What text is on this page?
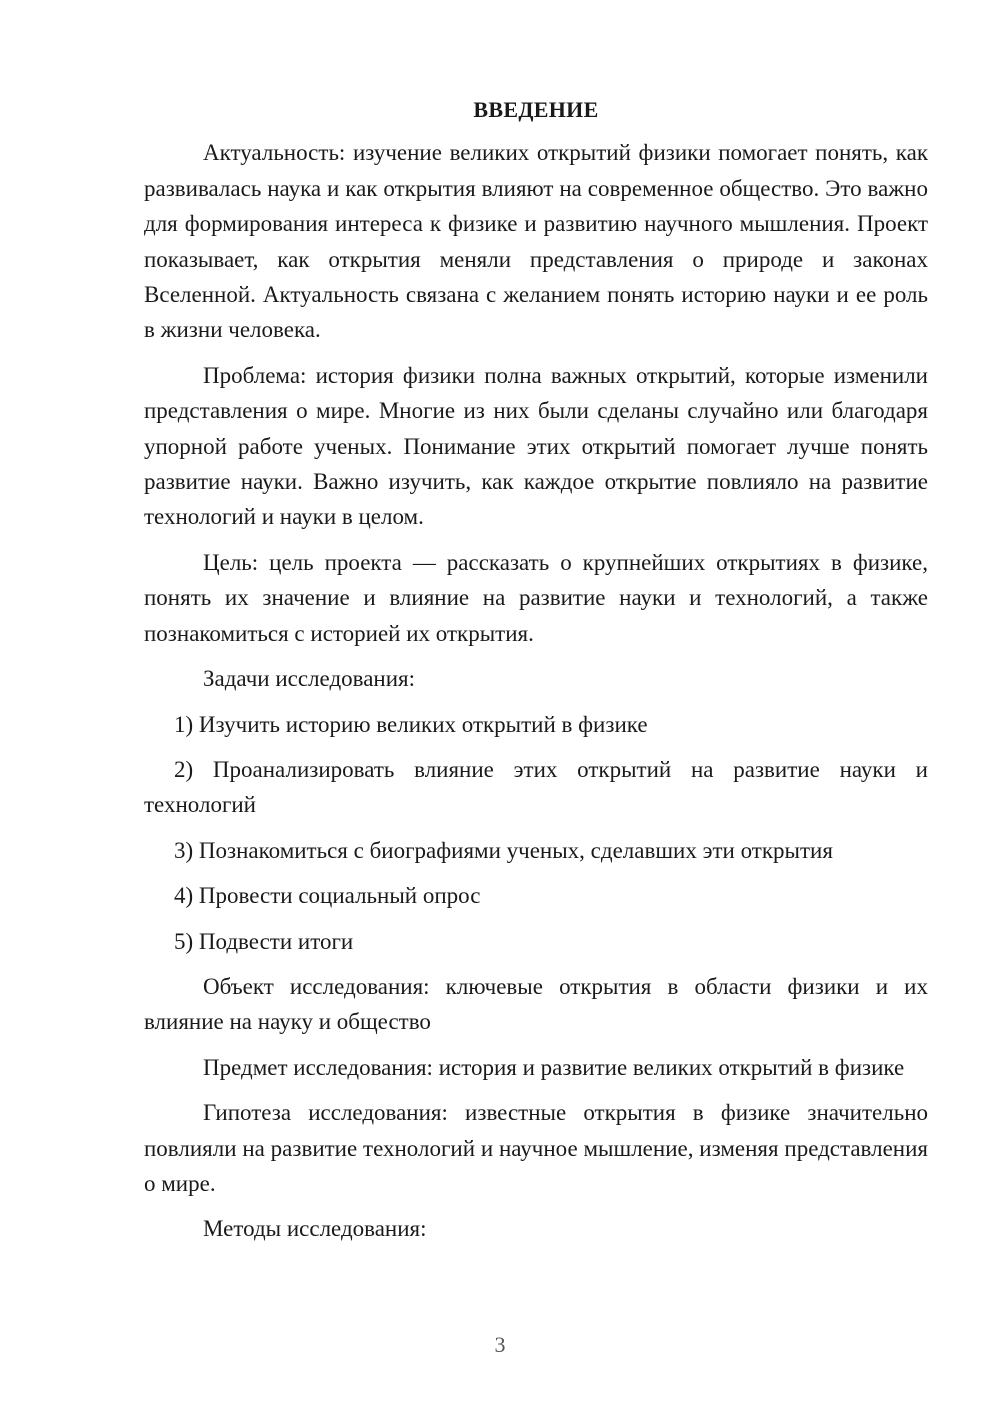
ВВЕДЕНИЕ

Актуальность: изучение великих открытий физики помогает понять, как развивалась наука и как открытия влияют на современное общество. Это важно для формирования интереса к физике и развитию научного мышления. Проект показывает, как открытия меняли представления о природе и законах Вселенной. Актуальность связана с желанием понять историю науки и ее роль в жизни человека.

Проблема: история физики полна важных открытий, которые изменили представления о мире. Многие из них были сделаны случайно или благодаря упорной работе ученых. Понимание этих открытий помогает лучше понять развитие науки. Важно изучить, как каждое открытие повлияло на развитие технологий и науки в целом.

Цель: цель проекта — рассказать о крупнейших открытиях в физике, понять их значение и влияние на развитие науки и технологий, а также познакомиться с историей их открытия.

Задачи исследования:

1) Изучить историю великих открытий в физике

2) Проанализировать влияние этих открытий на развитие науки и технологий

3) Познакомиться с биографиями ученых, сделавших эти открытия

4) Провести социальный опрос

5) Подвести итоги

Объект исследования: ключевые открытия в области физики и их влияние на науку и общество

Предмет исследования: история и развитие великих открытий в физике

Гипотеза исследования: известные открытия в физике значительно повлияли на развитие технологий и научное мышление, изменяя представления о мире.

Методы исследования:

3
